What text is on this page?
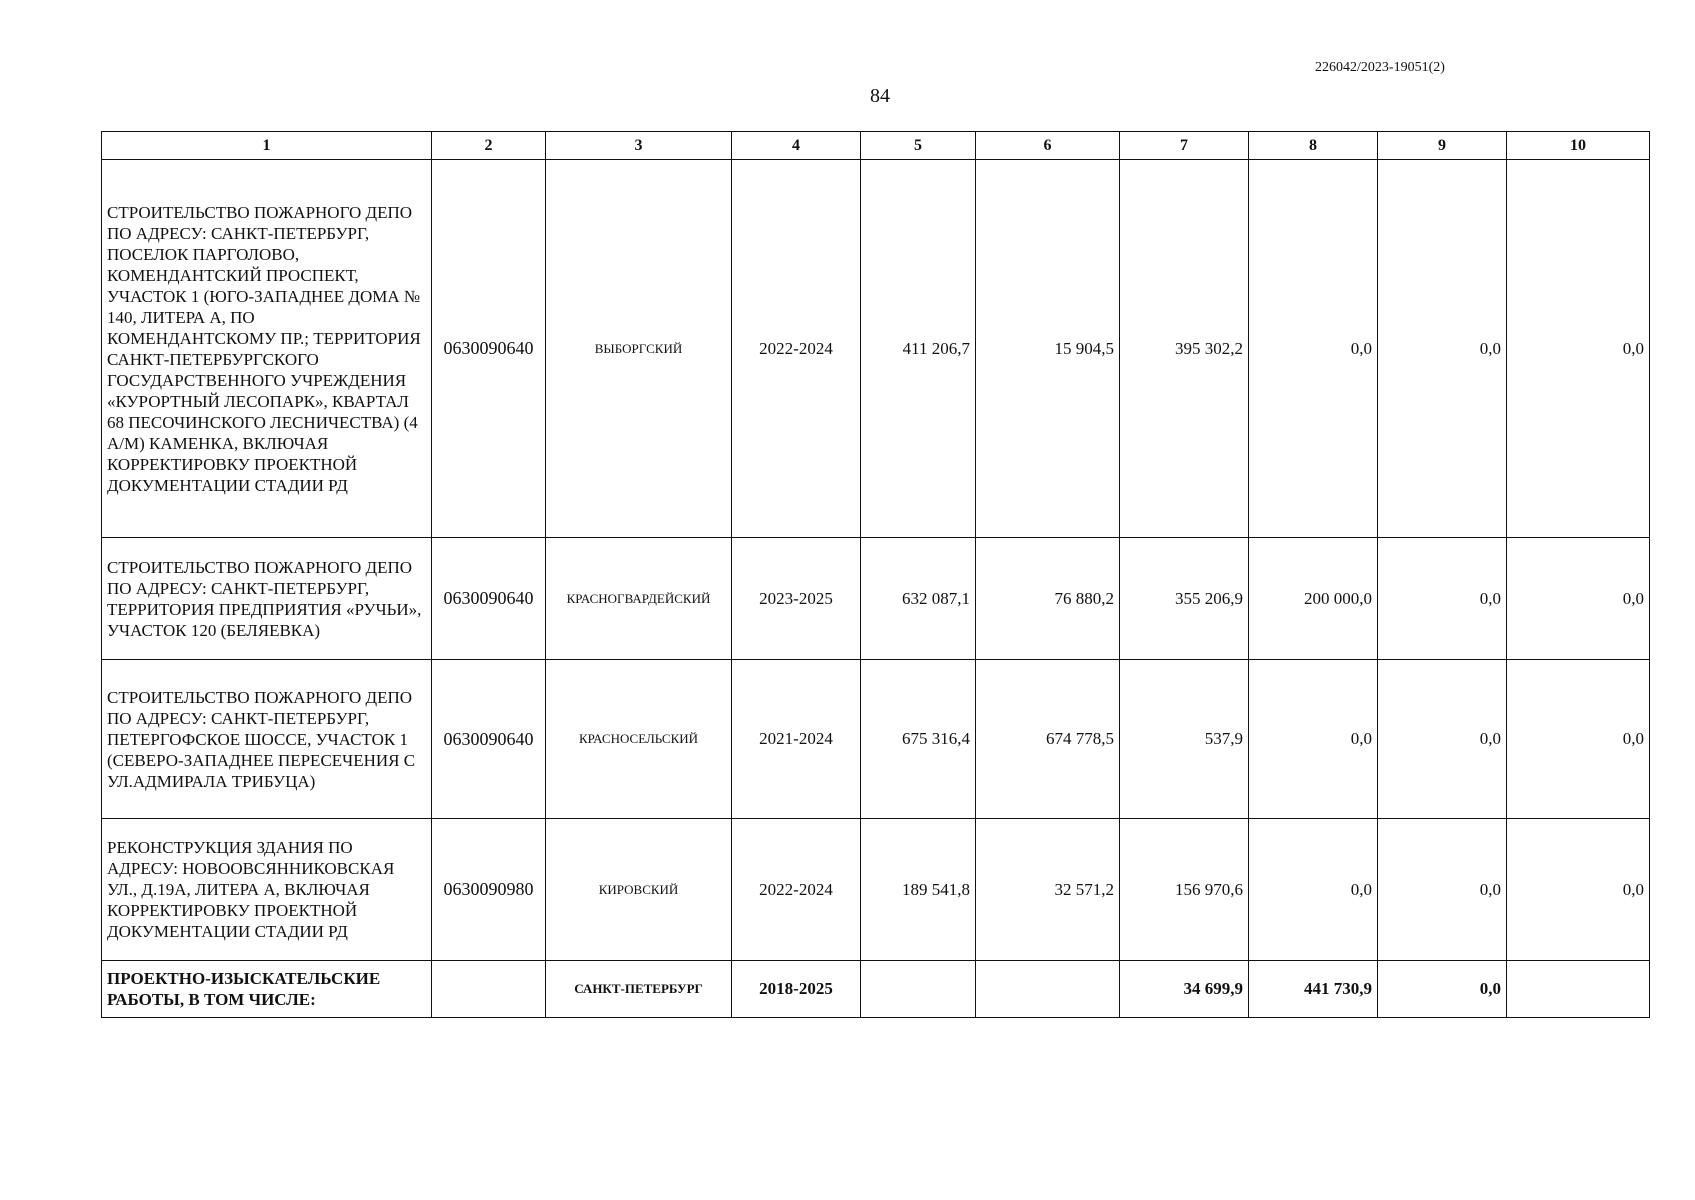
226042/2023-19051(2)
84
1	2	3	4	5	6	7	8	9	10
СТРОИТЕЛЬСТВО ПОЖАРНОГО ДЕПО ПО АДРЕСУ: САНКТ-ПЕТЕРБУРГ, ПОСЕЛОК ПАРГОЛОВО, КОМЕНДАНТСКИЙ ПРОСПЕКТ, УЧАСТОК 1 (ЮГО-ЗАПАДНЕЕ ДОМА № 140, ЛИТЕРА А, ПО КОМЕНДАНТСКОМУ ПР.; ТЕРРИТОРИЯ САНКТ-ПЕТЕРБУРГСКОГО ГОСУДАРСТВЕННОГО УЧРЕЖДЕНИЯ «КУРОРТНЫЙ ЛЕСОПАРК», КВАРТАЛ 68 ПЕСОЧИНСКОГО ЛЕСНИЧЕСТВА) (4 А/М) КАМЕНКА, ВКЛЮЧАЯ КОРРЕКТИРОВКУ ПРОЕКТНОЙ ДОКУМЕНТАЦИИ СТАДИИ РД	0630090640	ВЫБОРГСКИЙ	2022-2024	411 206,7	15 904,5	395 302,2	0,0	0,0	0,0
СТРОИТЕЛЬСТВО ПОЖАРНОГО ДЕПО ПО АДРЕСУ: САНКТ-ПЕТЕРБУРГ, ТЕРРИТОРИЯ ПРЕДПРИЯТИЯ «РУЧЬИ», УЧАСТОК 120 (БЕЛЯЕВКА)	0630090640	КРАСНОГВАРДЕЙСКИЙ	2023-2025	632 087,1	76 880,2	355 206,9	200 000,0	0,0	0,0
СТРОИТЕЛЬСТВО ПОЖАРНОГО ДЕПО ПО АДРЕСУ: САНКТ-ПЕТЕРБУРГ, ПЕТЕРГОФСКОЕ ШОССЕ, УЧАСТОК 1 (СЕВЕРО-ЗАПАДНЕЕ ПЕРЕСЕЧЕНИЯ С УЛ.АДМИРАЛА ТРИБУЦА)	0630090640	КРАСНОСЕЛЬСКИЙ	2021-2024	675 316,4	674 778,5	537,9	0,0	0,0	0,0
РЕКОНСТРУКЦИЯ ЗДАНИЯ ПО АДРЕСУ: НОВООВСЯННИКОВСКАЯ УЛ., Д.19А, ЛИТЕРА А, ВКЛЮЧАЯ КОРРЕКТИРОВКУ ПРОЕКТНОЙ ДОКУМЕНТАЦИИ СТАДИИ РД	0630090980	КИРОВСКИЙ	2022-2024	189 541,8	32 571,2	156 970,6	0,0	0,0	0,0
ПРОЕКТНО-ИЗЫСКАТЕЛЬСКИЕ РАБОТЫ, В ТОМ ЧИСЛЕ:		САНКТ-ПЕТЕРБУРГ	2018-2025			34 699,9	441 730,9	0,0	
